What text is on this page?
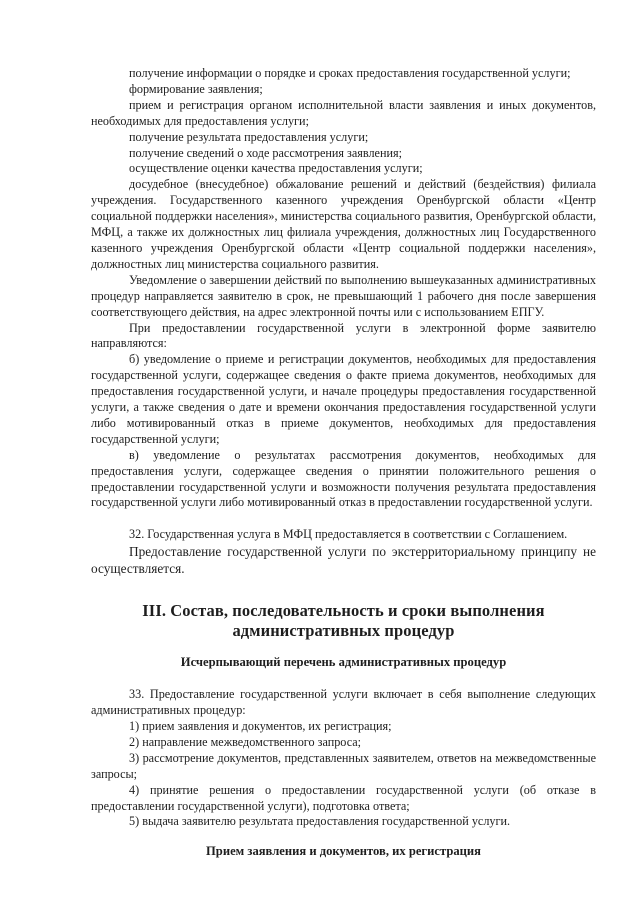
получение информации о порядке и сроках предоставления государственной услуги;

формирование заявления;

прием и регистрация органом исполнительной власти заявления и иных документов, необходимых для предоставления услуги;

получение результата предоставления услуги;

получение сведений о ходе рассмотрения заявления;

осуществление оценки качества предоставления услуги;

досудебное (внесудебное) обжалование решений и действий (бездействия) филиала учреждения. Государственного казенного учреждения Оренбургской области «Центр социальной поддержки населения», министерства социального развития, Оренбургской области, МФЦ, а также их должностных лиц филиала учреждения, должностных лиц Государственного казенного учреждения Оренбургской области «Центр социальной поддержки населения», должностных лиц министерства социального развития.

Уведомление о завершении действий по выполнению вышеуказанных административных процедур направляется заявителю в срок, не превышающий 1 рабочего дня после завершения соответствующего действия, на адрес электронной почты или с использованием ЕПГУ.

При предоставлении государственной услуги в электронной форме заявителю направляются:

б) уведомление о приеме и регистрации документов, необходимых для предоставления государственной услуги, содержащее сведения о факте приема документов, необходимых для предоставления государственной услуги, и начале процедуры предоставления государственной услуги, а также сведения о дате и времени окончания предоставления государственной услуги либо мотивированный отказ в приеме документов, необходимых для предоставления государственной услуги;

в) уведомление о результатах рассмотрения документов, необходимых для предоставления услуги, содержащее сведения о принятии положительного решения о предоставлении государственной услуги и возможности получения результата предоставления государственной услуги либо мотивированный отказ в предоставлении государственной услуги.

32. Государственная услуга в МФЦ предоставляется в соответствии с Соглашением.

Предоставление государственной услуги по экстерриториальному принципу не осуществляется.

III. Состав, последовательность и сроки выполнения административных процедур

Исчерпывающий перечень административных процедур

33. Предоставление государственной услуги включает в себя выполнение следующих административных процедур:

1) прием заявления и документов, их регистрация;

2) направление межведомственного запроса;

3) рассмотрение документов, представленных заявителем, ответов на межведомственные запросы;

4) принятие решения о предоставлении государственной услуги (об отказе в предоставлении государственной услуги), подготовка ответа;

5) выдача заявителю результата предоставления государственной услуги.

Прием заявления и документов, их регистрация
